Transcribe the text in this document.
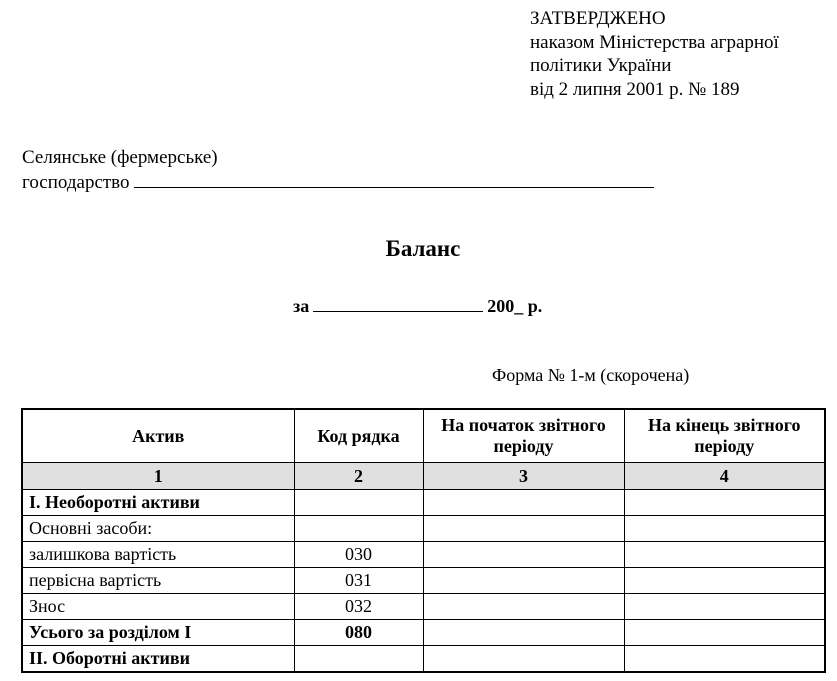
ЗАТВЕРДЖЕНО
наказом Міністерства аграрної
політики України
від 2 липня 2001 р. № 189
Селянське (фермерське)
господарство
Баланс
за	200_ р.
Форма № 1-м (скорочена)
Актив	Код рядка	На початок звітного періоду	На кінець звітного періоду
1	2	3	4
I. Необоротні активи			
Основні засоби:			
залишкова вартість	030		
первісна вартість	031		
Знос	032		
Усього за розділом I	080		
II. Оборотні активи			
